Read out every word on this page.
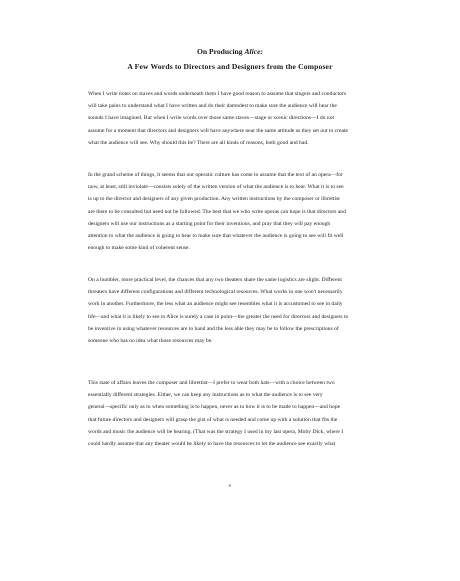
On Producing Alice:
A Few Words to Directors and Designers from the Composer
When I write notes on staves and words underneath them I have good reason to assume that singers and conductors
will take pains to understand what I have written and do their damndest to make sure the audience will hear the
sounds I have imagined. But when I write words over those same staves—stage or scenic directions—I do not
assume for a moment that directors and designers will have anywhere near the same attitude as they set out to create
what the audience will see. Why should this be? There are all kinds of reasons, both good and bad.
In the grand scheme of things, it seems that our operatic culture has come to assume that the text of an opera—for
now, at least, still inviolate—consists solely of the written version of what the audience is to hear. What it is to see
is up to the director and designers of any given production. Any written instructions by the composer or librettist
are there to be consulted but need not be followed. The best that we who write operas can hope is that directors and
designers will use our instructions as a starting point for their inventions, and pray that they will pay enough
attention to what the audience is going to hear to make sure that whatever the audience is going to see will fit well
enough to make some kind of coherent sense.
On a humbler, more practical level, the chances that any two theaters share the same logistics are slight. Different
threaters have different configurations and different technological resources. What works in one won't necessarily
work in another. Furthermore, the less what an audience might see resembles what it is accustomed to see in daily
life—and what it is likely to see in Alice is surely a case in point—the greater the need for directors and designers to
be inventive in using whatever resources are to hand and the less able they may be to follow the prescriptions of
someone who has no idea what those resources may be.
This state of affairs leaves the composer and librettist—I prefer to wear both hats—with a choice between two
essentially different strategies. Either, we can keep any instructions as to what the audience is to see very
general—specific only as to when something is to happen, never as to how it is to be made to happen—and hope
that future directors and designers will grasp the gist of what is needed and come up with a solution that fits the
words and music the audience will be hearing. (That was the strategy I used in my last opera, Moby Dick, where I
could hardly assume that any theater would be likely to have the resources to let the audience see exactly what
v
